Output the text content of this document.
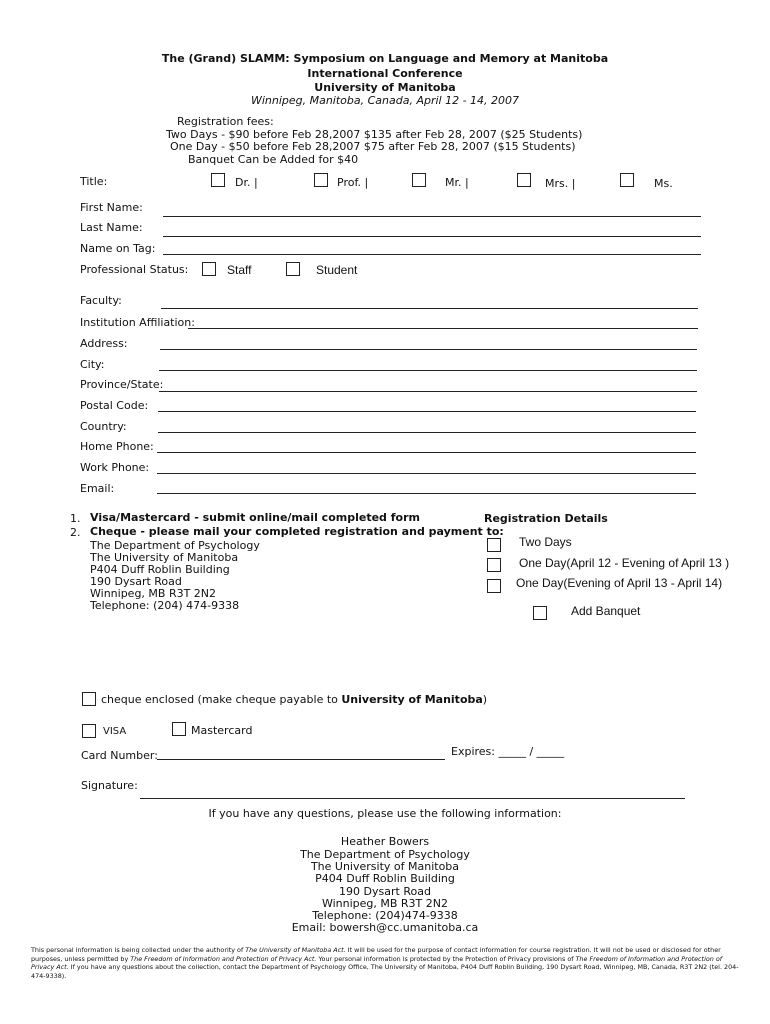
The (Grand) SLAMM: Symposium on Language and Memory at Manitoba
International Conference
University of Manitoba
Winnipeg, Manitoba, Canada, April 12 - 14, 2007
Registration fees:
Two Days - $90 before Feb 28,2007 $135 after Feb 28, 2007 ($25 Students)
One Day - $50 before Feb 28,2007 $75 after Feb 28, 2007 ($15 Students)
Banquet Can be Added for $40
Title:	Dr. |	Prof. |	Mr. |	Mrs. |	Ms.
First Name:
Last Name:
Name on Tag:
Professional Status:	Staff	Student
Faculty:
Institution Affiliation:
Address:
City:
Province/State:
Postal Code:
Country:
Home Phone:
Work Phone:
Email:
1. Visa/Mastercard - submit online/mail completed form
2. Cheque - please mail your completed registration and payment to:
The Department of Psychology
The University of Manitoba
P404 Duff Roblin Building
190 Dysart Road
Winnipeg, MB R3T 2N2
Telephone: (204) 474-9338
Registration Details
Two Days
One Day(April 12 - Evening of April 13 )
One Day(Evening of April 13 - April 14)
Add Banquet
cheque enclosed (make cheque payable to University of Manitoba)
VISA	Mastercard
Card Number:	Expires: _____ / _____
Signature:
If you have any questions, please use the following information:
Heather Bowers
The Department of Psychology
The University of Manitoba
P404 Duff Roblin Building
190 Dysart Road
Winnipeg, MB R3T 2N2
Telephone: (204)474-9338
Email: bowersh@cc.umanitoba.ca
This personal information is being collected under the authority of The University of Manitoba Act. It will be used for the purpose of contact information for course registration. It will not be used or disclosed for other purposes, unless permitted by The Freedom of Information and Protection of Privacy Act. Your personal information is protected by the Protection of Privacy provisions of The Freedom of Information and Protection of Privacy Act. If you have any questions about the collection, contact the Department of Psychology Office, The University of Manitoba, P404 Duff Roblin Building, 190 Dysart Road, Winnipeg, MB, Canada, R3T 2N2 (tel. 204-474-9338).
